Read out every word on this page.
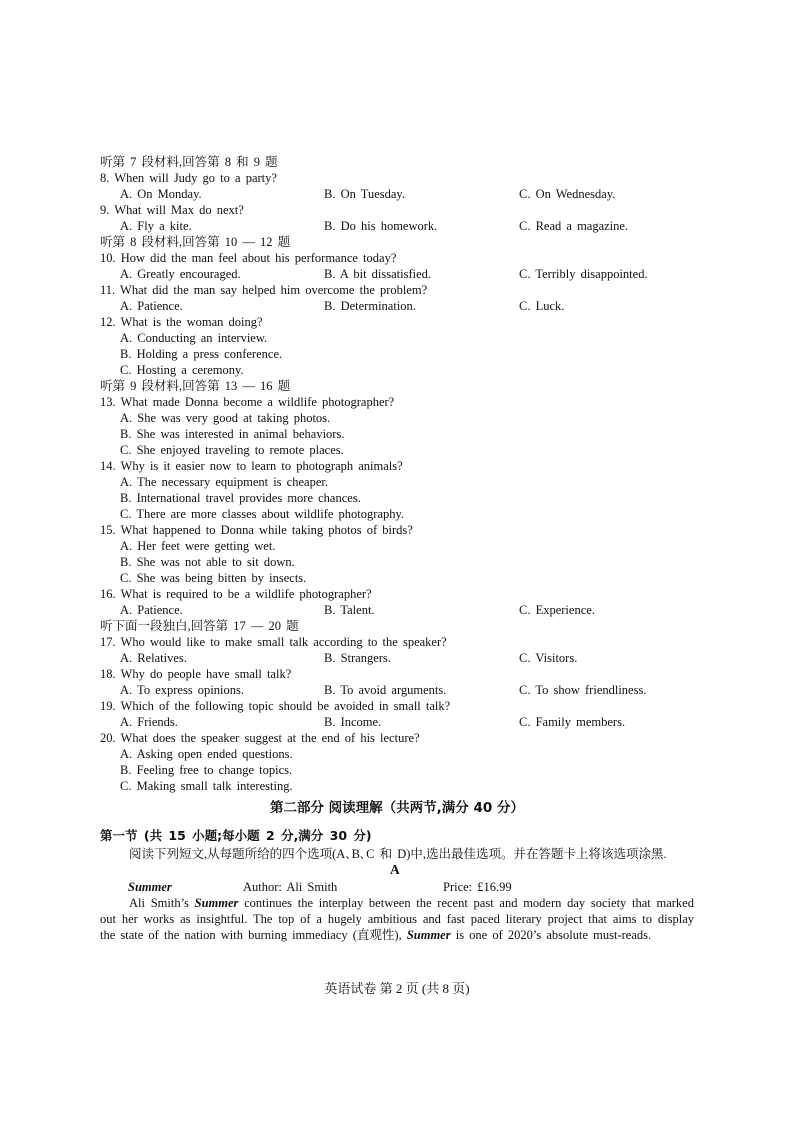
听第 7 段材料,回答第 8 和 9 题
8. When will Judy go to a party?
A. On Monday.	B. On Tuesday.	C. On Wednesday.
9. What will Max do next?
A. Fly a kite.	B. Do his homework.	C. Read a magazine.
听第 8 段材料,回答第 10 — 12 题
10. How did the man feel about his performance today?
A. Greatly encouraged.	B. A bit dissatisfied.	C. Terribly disappointed.
11. What did the man say helped him overcome the problem?
A. Patience.	B. Determination.	C. Luck.
12. What is the woman doing?
A. Conducting an interview.
B. Holding a press conference.
C. Hosting a ceremony.
听第 9 段材料,回答第 13 — 16 题
13. What made Donna become a wildlife photographer?
A. She was very good at taking photos.
B. She was interested in animal behaviors.
C. She enjoyed traveling to remote places.
14. Why is it easier now to learn to photograph animals?
A. The necessary equipment is cheaper.
B. International travel provides more chances.
C. There are more classes about wildlife photography.
15. What happened to Donna while taking photos of birds?
A. Her feet were getting wet.
B. She was not able to sit down.
C. She was being bitten by insects.
16. What is required to be a wildlife photographer?
A. Patience.	B. Talent.	C. Experience.
听下面一段独白,回答第 17 — 20 题
17. Who would like to make small talk according to the speaker?
A. Relatives.	B. Strangers.	C. Visitors.
18. Why do people have small talk?
A. To express opinions.	B. To avoid arguments.	C. To show friendliness.
19. Which of the following topic should be avoided in small talk?
A. Friends.	B. Income.	C. Family members.
20. What does the speaker suggest at the end of his lecture?
A. Asking open ended questions.
B. Feeling free to change topics.
C. Making small talk interesting.
第二部分 阅读理解（共两节,满分 40 分）
第一节 (共 15 小题;每小题 2 分,满分 30 分)
阅读下列短文,从每题所给的四个选项(A､B､C 和 D)中,选出最佳选项。并在答题卡上将该选项涂黑.
A
Summer	Author: Ali Smith	Price: £16.99
Ali Smith’s Summer continues the interplay between the recent past and modern day society that marked out her works as insightful. The top of a hugely ambitious and fast paced literary project that aims to display the state of the nation with burning immediacy (直观性), Summer is one of 2020’s absolute must-reads.
英语试卷 第 2 页 (共 8 页)
